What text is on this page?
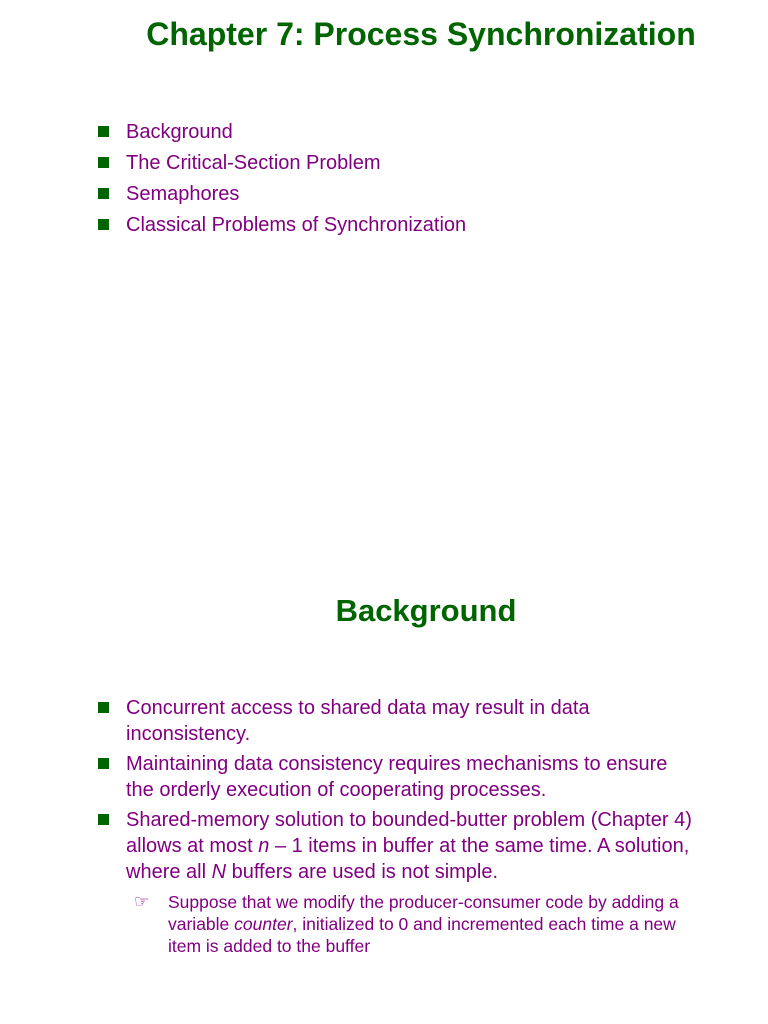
Chapter 7: Process Synchronization
Background
The Critical-Section Problem
Semaphores
Classical Problems of Synchronization
Background
Concurrent access to shared data may result in data inconsistency.
Maintaining data consistency requires mechanisms to ensure the orderly execution of cooperating processes.
Shared-memory solution to bounded-butter problem (Chapter 4) allows at most n – 1 items in buffer at the same time. A solution, where all N buffers are used is not simple.
☞ Suppose that we modify the producer-consumer code by adding a variable counter, initialized to 0 and incremented each time a new item is added to the buffer
